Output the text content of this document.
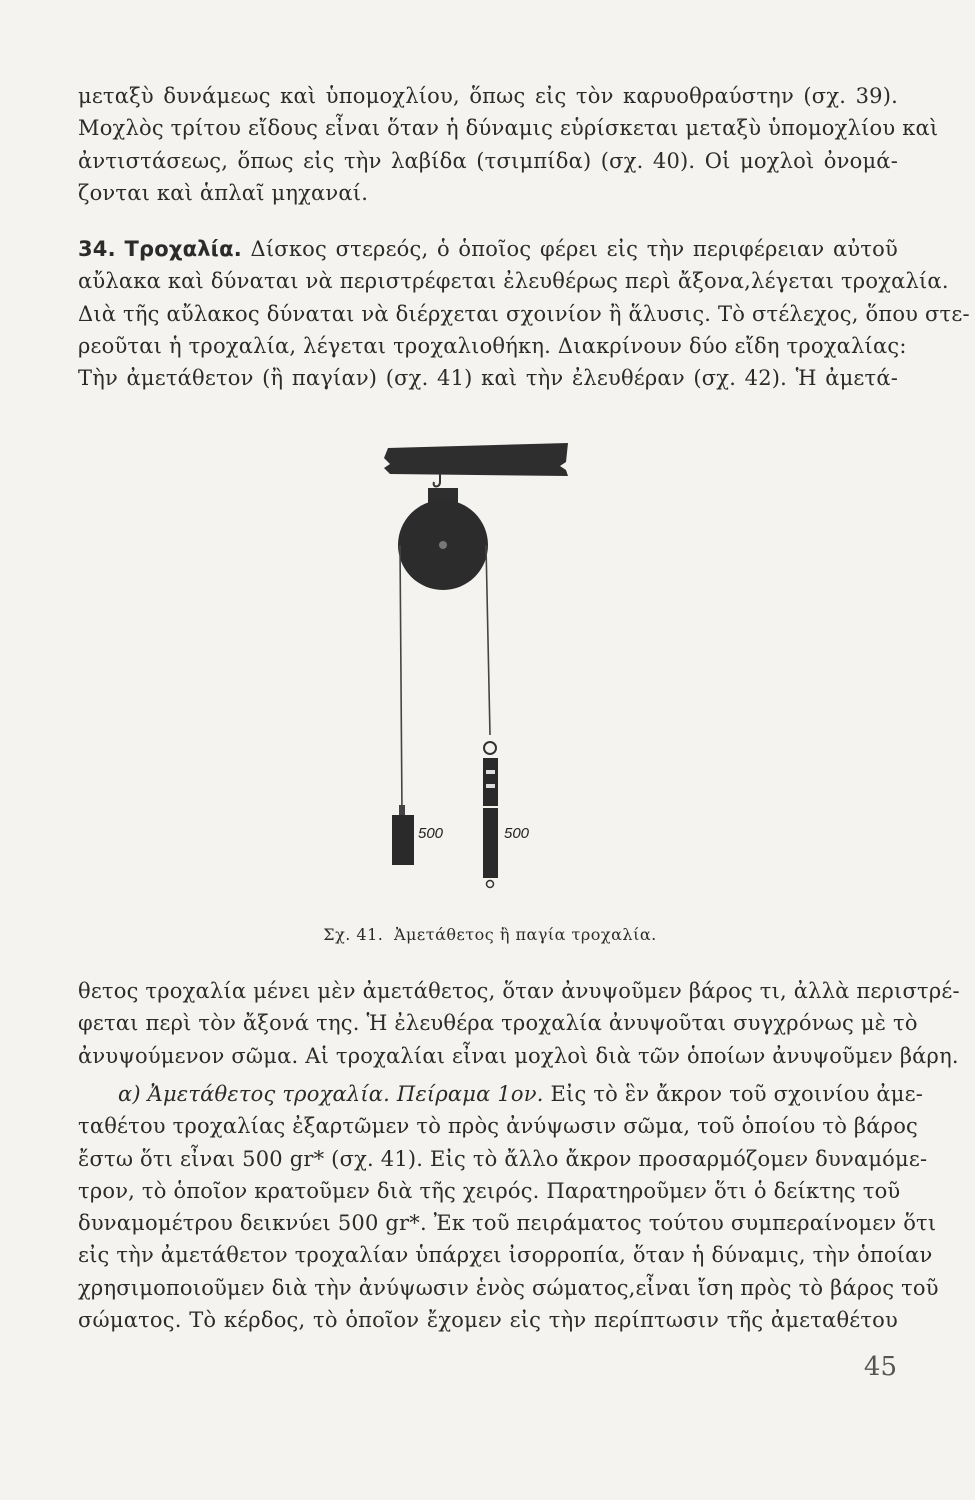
μεταξὺ δυνάμεως καὶ ὑπομοχλίου, ὅπως εἰς τὸν καρυοθραύστην (σχ. 39).
Μοχλὸς τρίτου εἴδους εἶναι ὅταν ἡ δύναμις εὑρίσκεται μεταξὺ ὑπομοχλίου καὶ
ἀντιστάσεως, ὅπως εἰς τὴν λαβίδα (τσιμπίδα) (σχ. 40). Οἱ μοχλοὶ ὀνομά-
ζονται καὶ ἁπλαῖ μηχαναί.
34. Τροχαλία. Δίσκος στερεός, ὁ ὁποῖος φέρει εἰς τὴν περιφέρειαν αὐτοῦ
αὔλακα καὶ δύναται νὰ περιστρέφεται ἐλευθέρως περὶ ἄξονα,λέγεται τροχαλία.
Διὰ τῆς αὔλακος δύναται νὰ διέρχεται σχοινίον ἢ ἅλυσις. Τὸ στέλεχος, ὅπου στε-
ρεοῦται ἡ τροχαλία, λέγεται τροχαλιοθήκη. Διακρίνουν δύο εἴδη τροχαλίας:
Τὴν ἀμετάθετον (ἢ παγίαν) (σχ. 41) καὶ τὴν ἐλευθέραν (σχ. 42). Ἡ ἀμετά-
500	500
Σχ. 41. Ἀμετάθετος ἢ παγία τροχαλία.
θετος τροχαλία μένει μὲν ἀμετάθετος, ὅταν ἀνυψοῦμεν βάρος τι, ἀλλὰ περιστρέ-
φεται περὶ τὸν ἄξονά της. Ἡ ἐλευθέρα τροχαλία ἀνυψοῦται συγχρόνως μὲ τὸ
ἀνυψούμενον σῶμα. Αἱ τροχαλίαι εἶναι μοχλοὶ διὰ τῶν ὁποίων ἀνυψοῦμεν βάρη.
α) Ἀμετάθετος τροχαλία. Πείραμα 1ον. Εἰς τὸ ἓν ἄκρον τοῦ σχοινίου ἀμε-
ταθέτου τροχαλίας ἐξαρτῶμεν τὸ πρὸς ἀνύψωσιν σῶμα, τοῦ ὁποίου τὸ βάρος
ἔστω ὅτι εἶναι 500 gr* (σχ. 41). Εἰς τὸ ἄλλο ἄκρον προσαρμόζομεν δυναμόμε-
τρον, τὸ ὁποῖον κρατοῦμεν διὰ τῆς χειρός. Παρατηροῦμεν ὅτι ὁ δείκτης τοῦ
δυναμομέτρου δεικνύει 500 gr*. Ἐκ τοῦ πειράματος τούτου συμπεραίνομεν ὅτι
εἰς τὴν ἀμετάθετον τροχαλίαν ὑπάρχει ἰσορροπία, ὅταν ἡ δύναμις, τὴν ὁποίαν
χρησιμοποιοῦμεν διὰ τὴν ἀνύψωσιν ἑνὸς σώματος,εἶναι ἴση πρὸς τὸ βάρος τοῦ
σώματος. Τὸ κέρδος, τὸ ὁποῖον ἔχομεν εἰς τὴν περίπτωσιν τῆς ἀμεταθέτου
45
